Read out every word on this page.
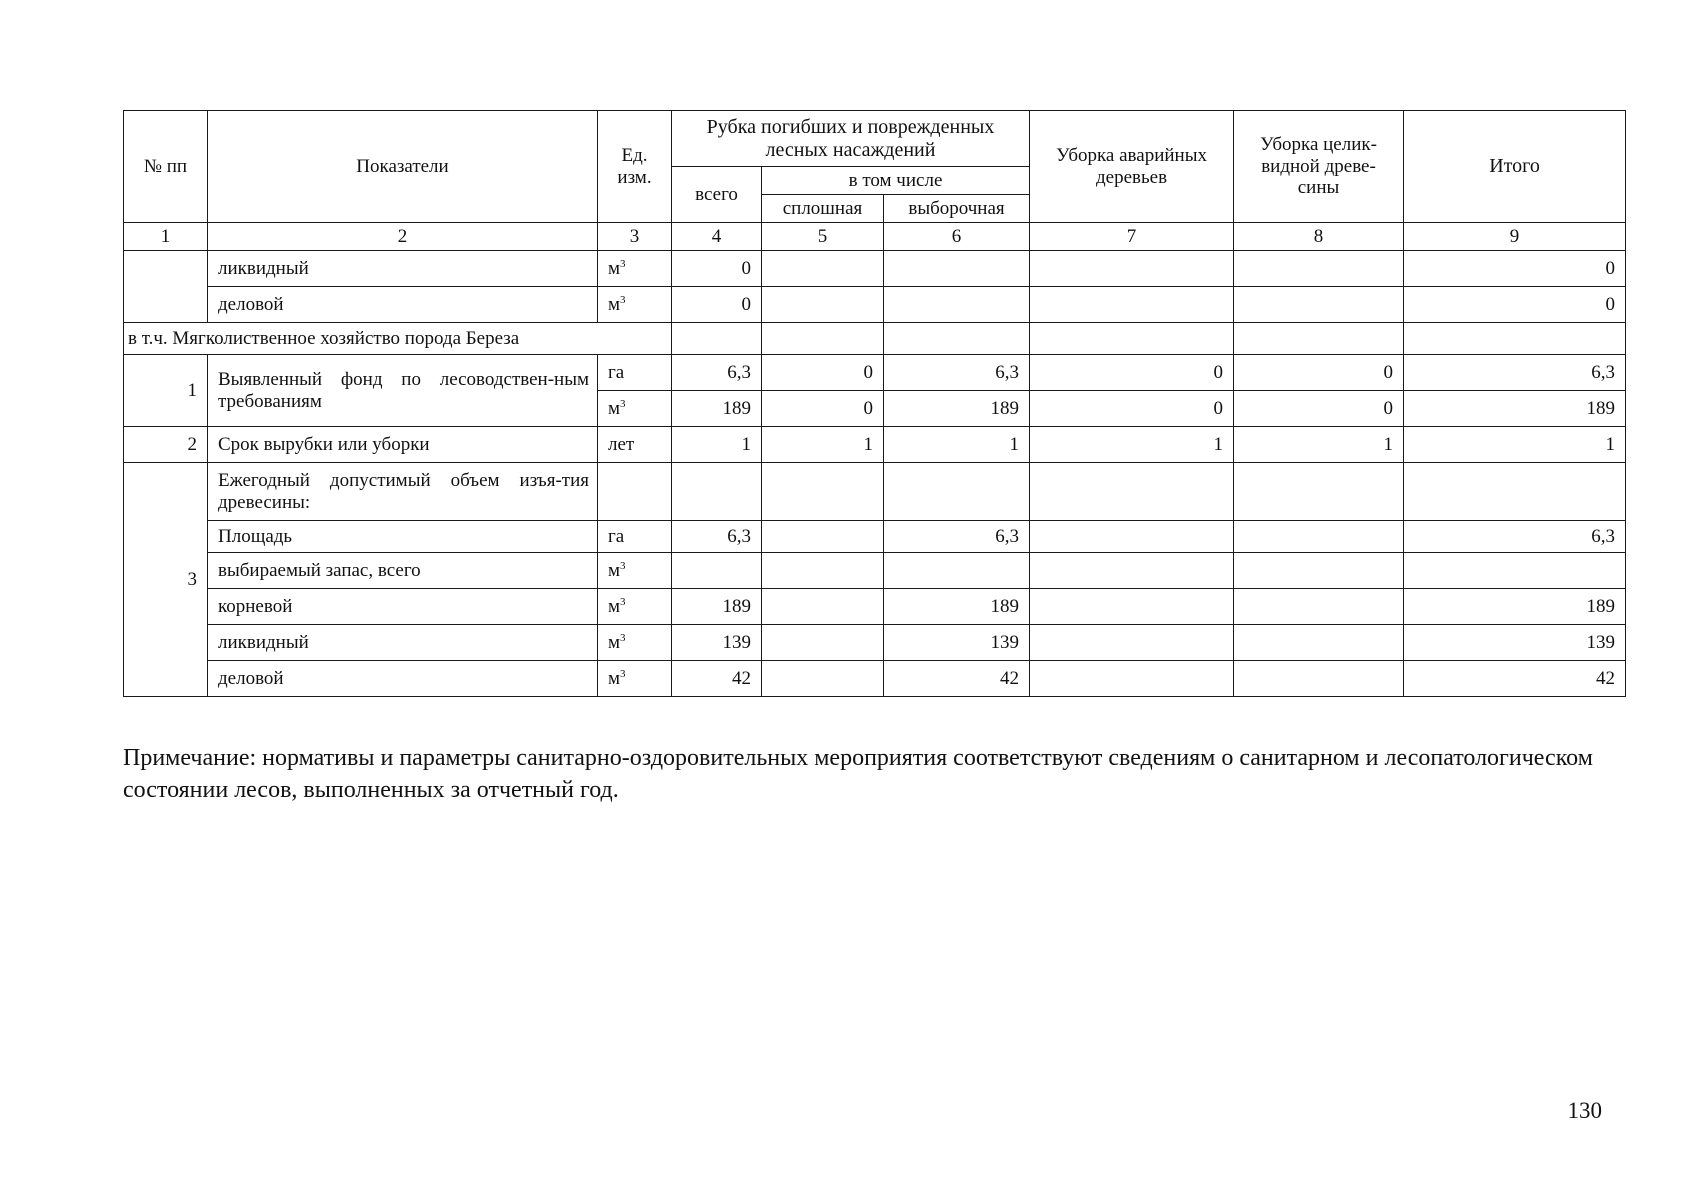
№ пп	Показатели	Ед. изм.	Рубка погибших и поврежденных лесных насаждений			Уборка аварийных деревьев	Уборка целик-видной древе-сины	Итого
			всего	в том числе				
				сплошная	выборочная			
1	2	3	4	5	6	7	8	9
	ликвидный	$м^3$	0					0
	деловой	$м^3$	0					0
в т.ч. Мягколиственное хозяйство порода Береза								
1	Выявленный фонд по лесоводствен-ным требованиям	га	6,3	0	6,3	0	0	6,3
		$м^3$	189	0	189	0	0	189
2	Срок вырубки или уборки	лет	1	1	1	1	1	1
3	Ежегодный допустимый объем изъя-тия древесины:							
	Площадь	га	6,3		6,3			6,3
	выбираемый запас, всего	$м^3$						
	корневой	$м^3$	189		189			189
	ликвидный	$м^3$	139		139			139
	деловой	$м^3$	42		42			42
Примечание: нормативы и параметры санитарно-оздоровительных мероприятия соответствуют сведениям о санитарном и лесопатологическом состоянии лесов, выполненных за отчетный год.
130
